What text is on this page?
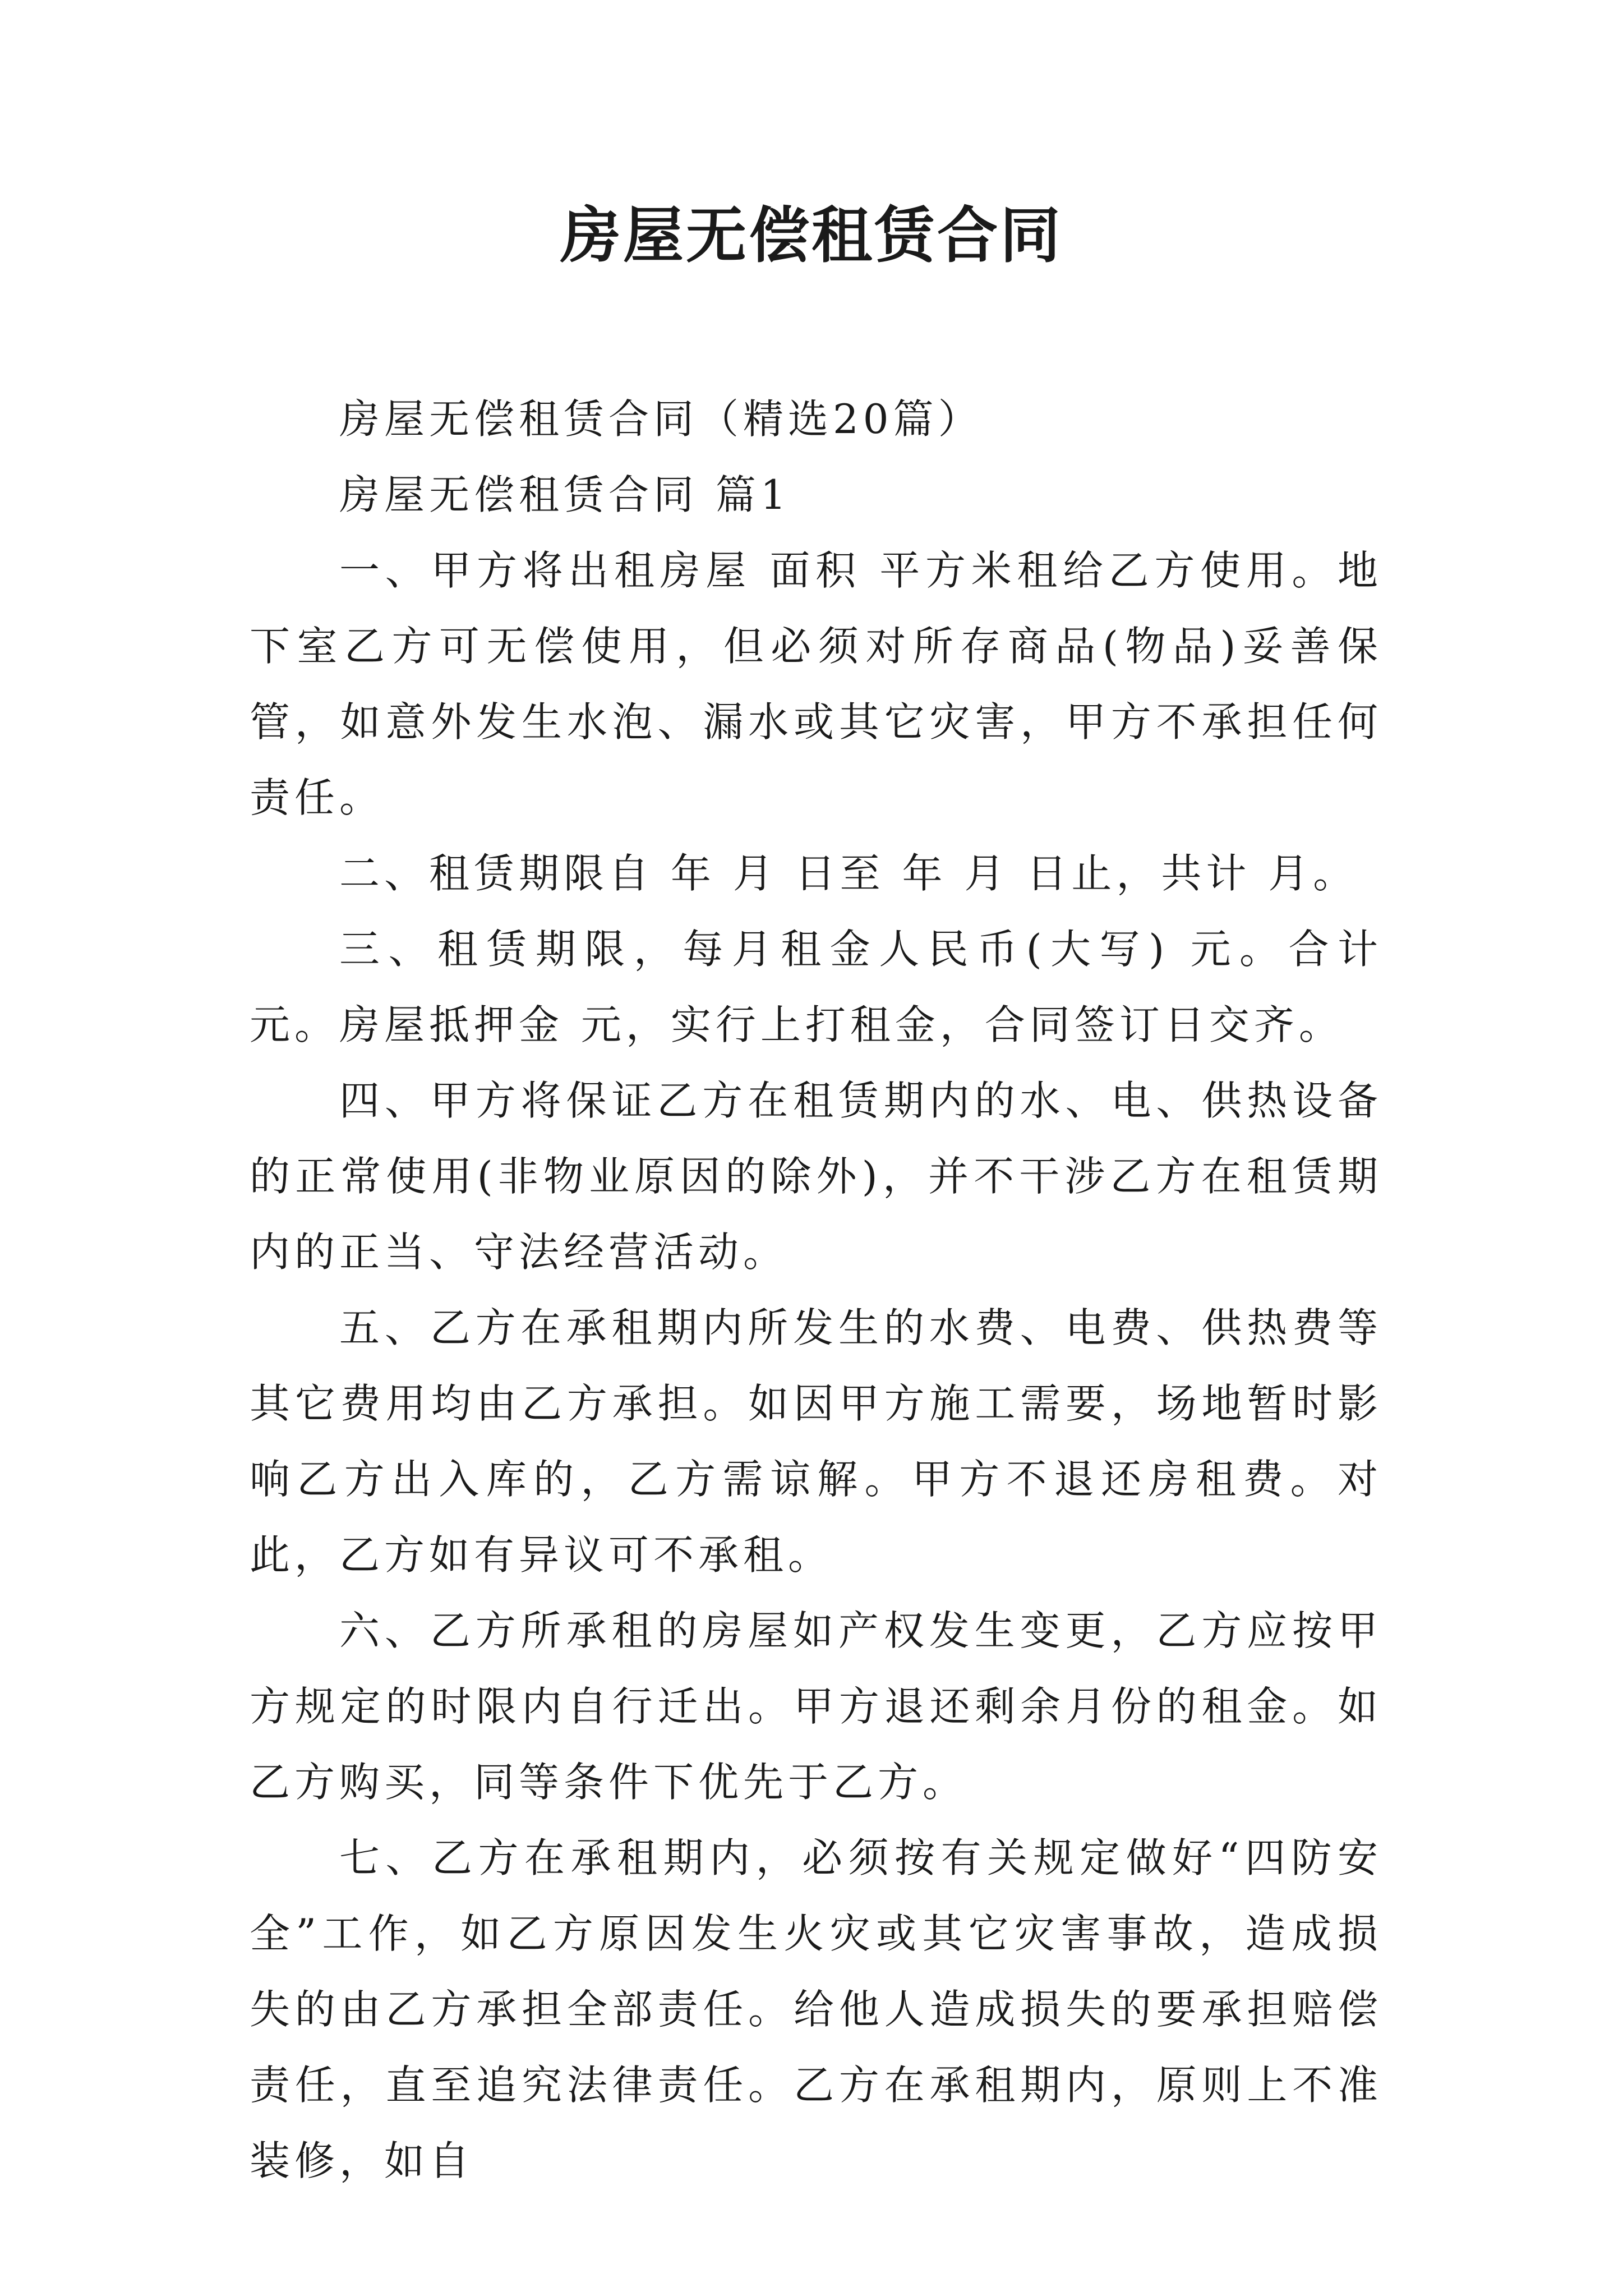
房屋无偿租赁合同

房屋无偿租赁合同（精选20篇）

房屋无偿租赁合同 篇1

一、甲方将出租房屋 面积 平方米租给乙方使用。地下室乙方可无偿使用，但必须对所存商品(物品)妥善保管，如意外发生水泡、漏水或其它灾害，甲方不承担任何责任。

二、租赁期限自 年 月 日至 年 月 日止，共计 月。

三、租赁期限，每月租金人民币(大写) 元。合计 元。房屋抵押金 元，实行上打租金，合同签订日交齐。

四、甲方将保证乙方在租赁期内的水、电、供热设备的正常使用(非物业原因的除外)，并不干涉乙方在租赁期内的正当、守法经营活动。

五、乙方在承租期内所发生的水费、电费、供热费等其它费用均由乙方承担。如因甲方施工需要，场地暂时影响乙方出入库的，乙方需谅解。甲方不退还房租费。对此，乙方如有异议可不承租。

六、乙方所承租的房屋如产权发生变更，乙方应按甲方规定的时限内自行迁出。甲方退还剩余月份的租金。如乙方购买，同等条件下优先于乙方。

七、乙方在承租期内，必须按有关规定做好“四防安全”工作，如乙方原因发生火灾或其它灾害事故，造成损失的由乙方承担全部责任。给他人造成损失的要承担赔偿责任，直至追究法律责任。乙方在承租期内，原则上不准装修，如自
